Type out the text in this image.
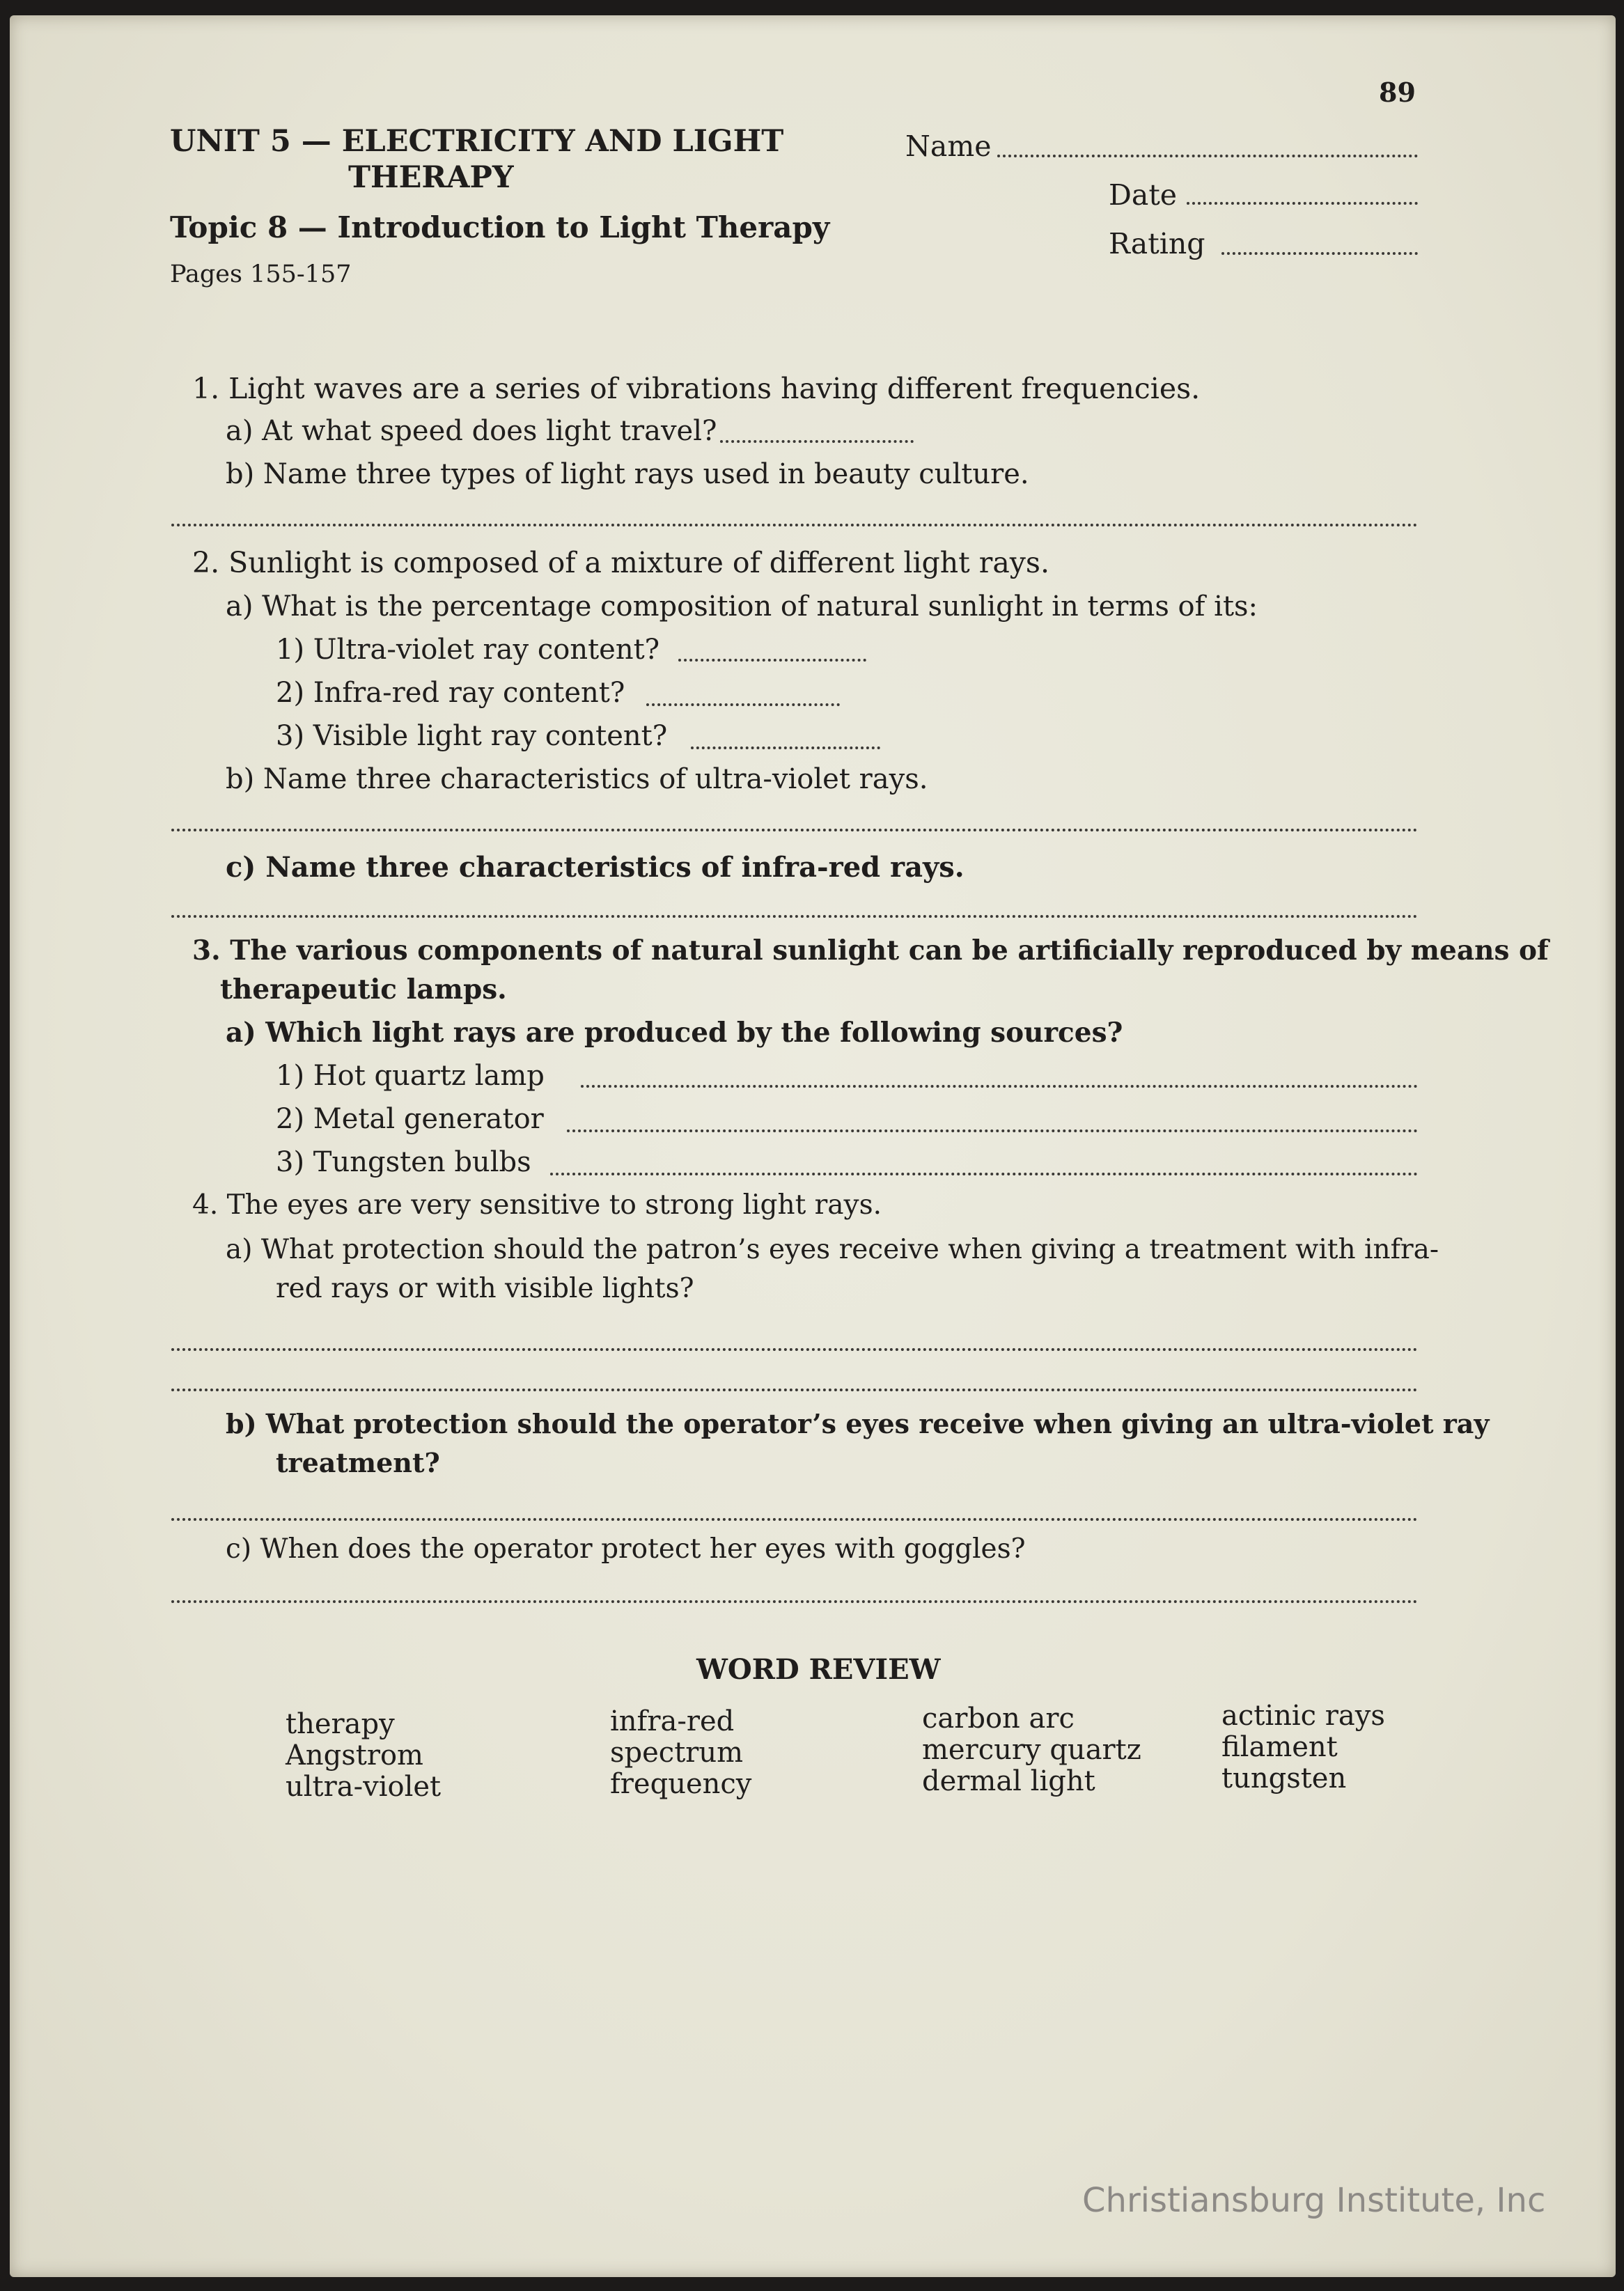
89
UNIT 5 — ELECTRICITY AND LIGHT
THERAPY
Topic 8 — Introduction to Light Therapy
Pages 155-157
Name
Date
Rating
1. Light waves are a series of vibrations having different frequencies.
a) At what speed does light travel?
b) Name three types of light rays used in beauty culture.
2. Sunlight is composed of a mixture of different light rays.
a) What is the percentage composition of natural sunlight in terms of its:
1) Ultra-violet ray content?
2) Infra-red ray content?
3) Visible light ray content?
b) Name three characteristics of ultra-violet rays.
c) Name three characteristics of infra-red rays.
3. The various components of natural sunlight can be artificially reproduced by means of
therapeutic lamps.
a) Which light rays are produced by the following sources?
1) Hot quartz lamp
2) Metal generator
3) Tungsten bulbs
4. The eyes are very sensitive to strong light rays.
a) What protection should the patron’s eyes receive when giving a treatment with infra-
red rays or with visible lights?
b) What protection should the operator’s eyes receive when giving an ultra-violet ray
treatment?
c) When does the operator protect her eyes with goggles?
WORD REVIEW
therapy
Angstrom
ultra-violet
infra-red
spectrum
frequency
carbon arc
mercury quartz
dermal light
actinic rays
filament
tungsten
Christiansburg Institute, Inc
